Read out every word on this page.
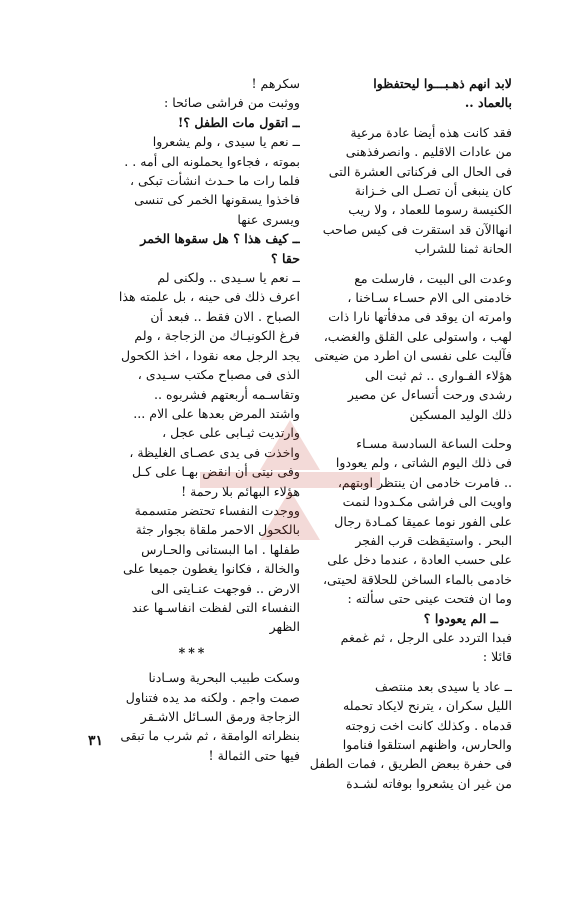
لابد انهم ذهـبـــوا ليحتفظوا
بالعماد ..
فقد كانت هذه أيضا عادة مرعية
من عادات الاقليم . وانصرفذهنى
فى الحال الى فركناتى العشرة التى
كان ينبغى أن تصـل الى خـزانة
الكنيسة رسوما للعماد ، ولا ريب
انهاالآن قد استقرت فى كيس صاحب
الحانة ثمنا للشراب
وعدت الى البيت ، فارسلت مع
خادمنى الى الام حسـاء سـاخنا ،
وامرته ان يوقد فى مدفأتها نارا ذات
لهب ، واستولى على القلق والغضب،
فآليت على نفسى ان اطرد من ضيعتى
هؤلاء الفـوارى .. ثم ثبت الى
رشدى ورحت أتساءل عن مصير
ذلك الوليد المسكين
وحلت الساعة السادسة مسـاء
فى ذلك اليوم الشاتى ، ولم يعودوا
.. فامرت خادمى ان ينتظر اوبتهم،
واويت الى فراشى مكـدودا لنمت
على الفور نوما عميقا كمـادة رجال
البحر . واستيقظت قرب الفجر
على حسب العادة ، عندما دخل على
خادمى بالماء الساخن للحلاقة لحيتى،
وما ان فتحت عينى حتى سألته :
ــ الم يعودوا ؟
فبدا التردد على الرجل ، ثم غمغم
قائلا :
ــ عاد يا سيدى بعد منتصف
الليل سكران ، يترنح لايكاد تحمله
قدماه . وكذلك كانت اخت زوجته
والحارس، واظنهم استلقوا فناموا
فى حفرة ببعض الطريق ، فمات الطفل
من غير ان يشعروا بوفاته لشـدة
سكرهم !
ووثبت من فراشى صائحا :
ــ اتقول مات الطفل ؟!
ــ نعم يا سيدى ، ولم يشعروا
بموته ، فجاءوا يحملونه الى أمه . .
فلما رات ما حـدث انشأت تبكى ،
فاخذوا يسقونها الخمر كى تنسى
ويسرى عنها
ــ كيف هذا ؟ هل سقوها الخمر
حقا ؟
ــ نعم يا سـيدى .. ولكنى لم
اعرف ذلك فى حينه ، بل علمته هذا
الصباح . الان فقط .. فبعد أن
فرغ الكونيـاك من الزجاجة ، ولم
يجد الرجل معه نقودا ، اخذ الكحول
الذى فى مصباح مكتب سـيدى ،
وتقاسـمه أربعتهم فشربوه ..
واشتد المرض بعدها على الام ...
وارتديت ثيـابى على عجل ،
واخذت فى يدى عصـاى الغليظة ،
وفى نيتى أن انقض بهـا على كـل
هؤلاء البهائم بلا رحمة !
ووجدت النفساء تحتضر متسممة
بالكحول الاحمر ملقاة بجوار جثة
طفلها . اما البستانى والحـارس
والخالة ، فكانوا يغطون جميعا على
الارض .. فوجهت عنـايتى الى
النفساء التى لفظت انفاسـها عند
الظهر
***
وسكت طبيب البحرية وسـادنا
صمت واجم . ولكنه مد يده فتناول
الزجاجة ورمق السـائل الاشـقر
بنظراته الوامقة ، ثم شرب ما تبقى
فيها حتى الثمالة !
٣١
